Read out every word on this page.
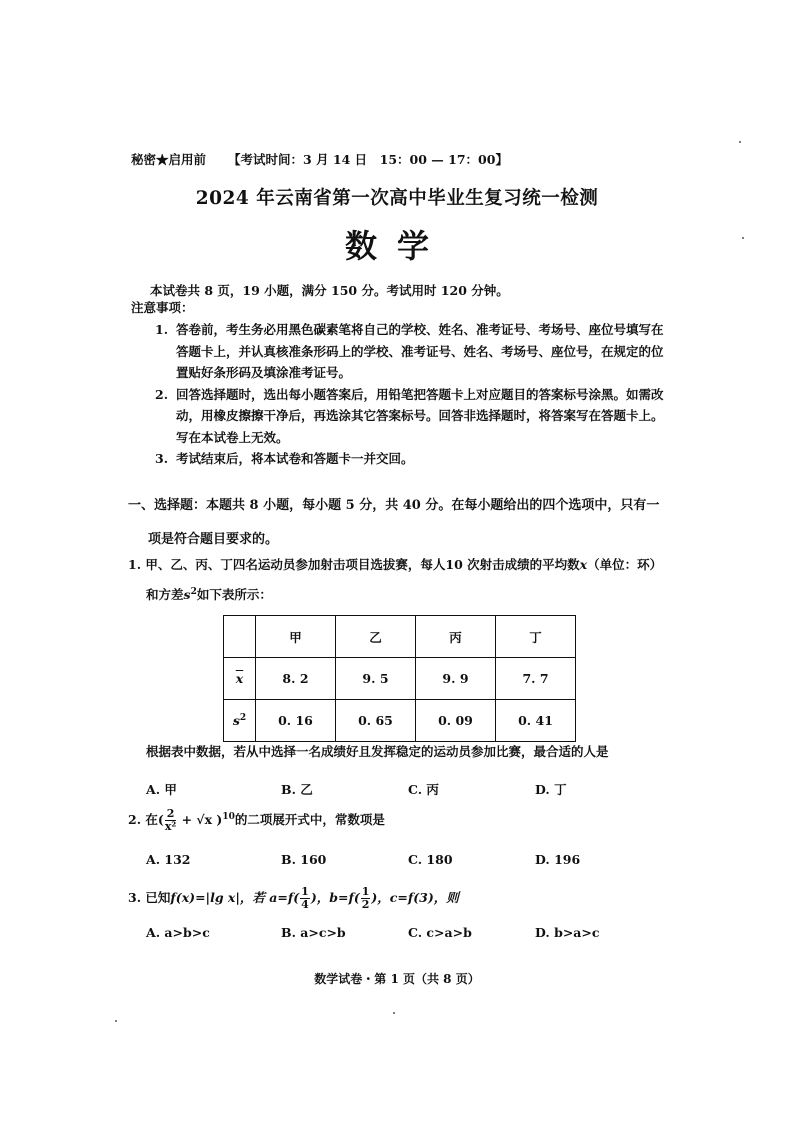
秘密★启用前 【考试时间：3 月 14 日　15：00 — 17：00】
2024 年云南省第一次高中毕业生复习统一检测
数学
本试卷共 8 页，19 小题，满分 150 分。考试用时 120 分钟。
注意事项：
1. 答卷前，考生务必用黑色碳素笔将自己的学校、姓名、准考证号、考场号、座位号填写在答题卡上，并认真核准条形码上的学校、准考证号、姓名、考场号、座位号，在规定的位置贴好条形码及填涂准考证号。
2. 回答选择题时，选出每小题答案后，用铅笔把答题卡上对应题目的答案标号涂黑。如需改动，用橡皮擦擦干净后，再选涂其它答案标号。回答非选择题时，将答案写在答题卡上。写在本试卷上无效。
3. 考试结束后，将本试卷和答题卡一并交回。
一、选择题：本题共 8 小题，每小题 5 分，共 40 分。在每小题给出的四个选项中，只有一
项是符合题目要求的。
1. 甲、乙、丙、丁四名运动员参加射击项目选拔赛，每人10 次射击成绩的平均数x（单位：环）
和方差$s^2$如下表所示：
	甲	乙	丙	丁
$\overline{x}$	8. 2	9. 5	9. 9	7. 7
$s^2$	0. 16	0. 65	0. 09	0. 41
根据表中数据，若从中选择一名成绩好且发挥稳定的运动员参加比赛，最合适的人是
A. 甲	B. 乙	C. 丙	D. 丁
2. 在( $\frac{2}{\text{x²}} + √x$ )$^{10}$的二项展开式中，常数项是
A. 132	B. 160	C. 180	D. 196
3. 已知f(x)=|lg x|，若 $a=f( \frac{1}{4}$ )，$b=f( \frac{1}{2}$ )，c=f(3)，则
A. a>b>c	B. a>c>b	C. c>a>b	D. b>a>c
数学试卷・第 1 页（共 8 页）
